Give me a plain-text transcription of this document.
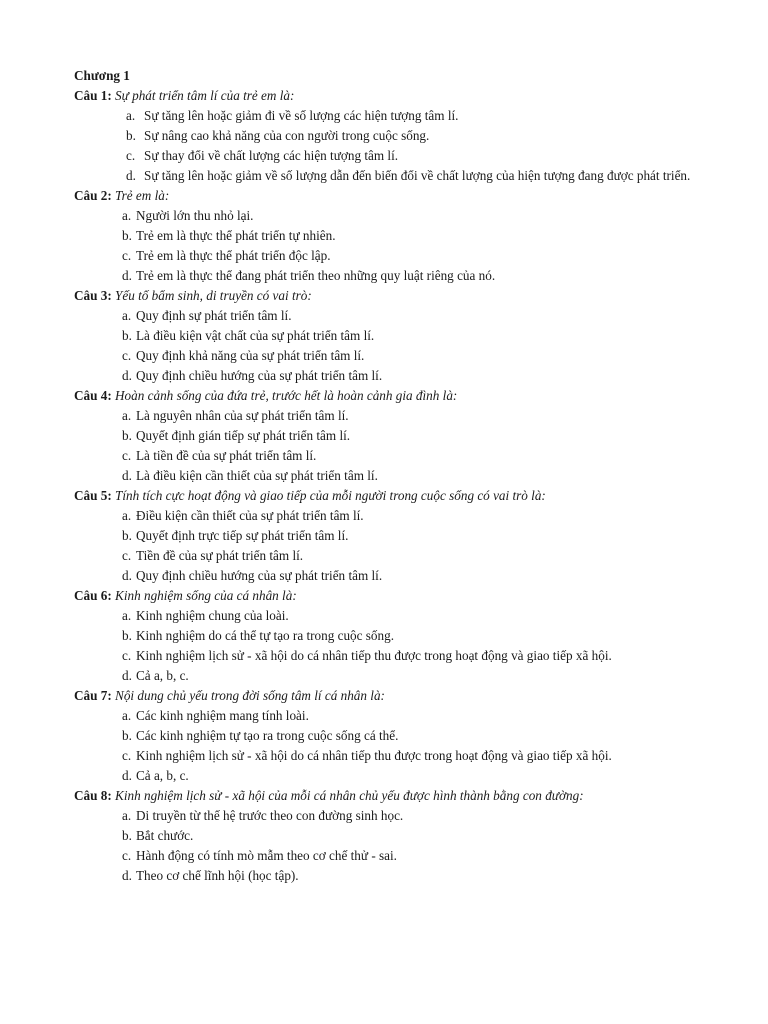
Chương 1
Câu 1: Sự phát triển tâm lí của trẻ em là:
a. Sự tăng lên hoặc giảm đi về số lượng các hiện tượng tâm lí.
b. Sự nâng cao khả năng của con người trong cuộc sống.
c. Sự thay đổi về chất lượng các hiện tượng tâm lí.
d. Sự tăng lên hoặc giảm về số lượng dẫn đến biến đổi về chất lượng của hiện tượng đang được phát triển.
Câu 2: Trẻ em là:
a. Người lớn thu nhỏ lại.
b. Trẻ em là thực thể phát triển tự nhiên.
c. Trẻ em là thực thể phát triển độc lập.
d. Trẻ em là thực thể đang phát triển theo những quy luật riêng của nó.
Câu 3: Yếu tố bẩm sinh, di truyền có vai trò:
a. Quy định sự phát triển tâm lí.
b. Là điều kiện vật chất của sự phát triển tâm lí.
c. Quy định khả năng của sự phát triển tâm lí.
d. Quy định chiều hướng của sự phát triển tâm lí.
Câu 4: Hoàn cảnh sống của đứa trẻ, trước hết là hoàn cảnh gia đình là:
a. Là nguyên nhân của sự phát triển tâm lí.
b. Quyết định gián tiếp sự phát triển tâm lí.
c. Là tiền đề của sự phát triển tâm lí.
d. Là điều kiện cần thiết của sự phát triển tâm lí.
Câu 5: Tính tích cực hoạt động và giao tiếp của mỗi người trong cuộc sống có vai trò là:
a. Điều kiện cần thiết của sự phát triển tâm lí.
b. Quyết định trực tiếp sự phát triển tâm lí.
c. Tiền đề của sự phát triển tâm lí.
d. Quy định chiều hướng của sự phát triển tâm lí.
Câu 6: Kinh nghiệm sống của cá nhân là:
a. Kinh nghiệm chung của loài.
b. Kinh nghiệm do cá thể tự tạo ra trong cuộc sống.
c. Kinh nghiệm lịch sử - xã hội do cá nhân tiếp thu được trong hoạt động và giao tiếp xã hội.
d. Cả a, b, c.
Câu 7: Nội dung chủ yếu trong đời sống tâm lí cá nhân là:
a. Các kinh nghiệm mang tính loài.
b. Các kinh nghiệm tự tạo ra trong cuộc sống cá thể.
c. Kinh nghiệm lịch sử - xã hội do cá nhân tiếp thu được trong hoạt động và giao tiếp xã hội.
d. Cả a, b, c.
Câu 8: Kinh nghiệm lịch sử - xã hội của mỗi cá nhân chủ yếu được hình thành bằng con đường:
a. Di truyền từ thế hệ trước theo con đường sinh học.
b. Bắt chước.
c. Hành động có tính mò mẫm theo cơ chế thử - sai.
d. Theo cơ chế lĩnh hội (học tập).
